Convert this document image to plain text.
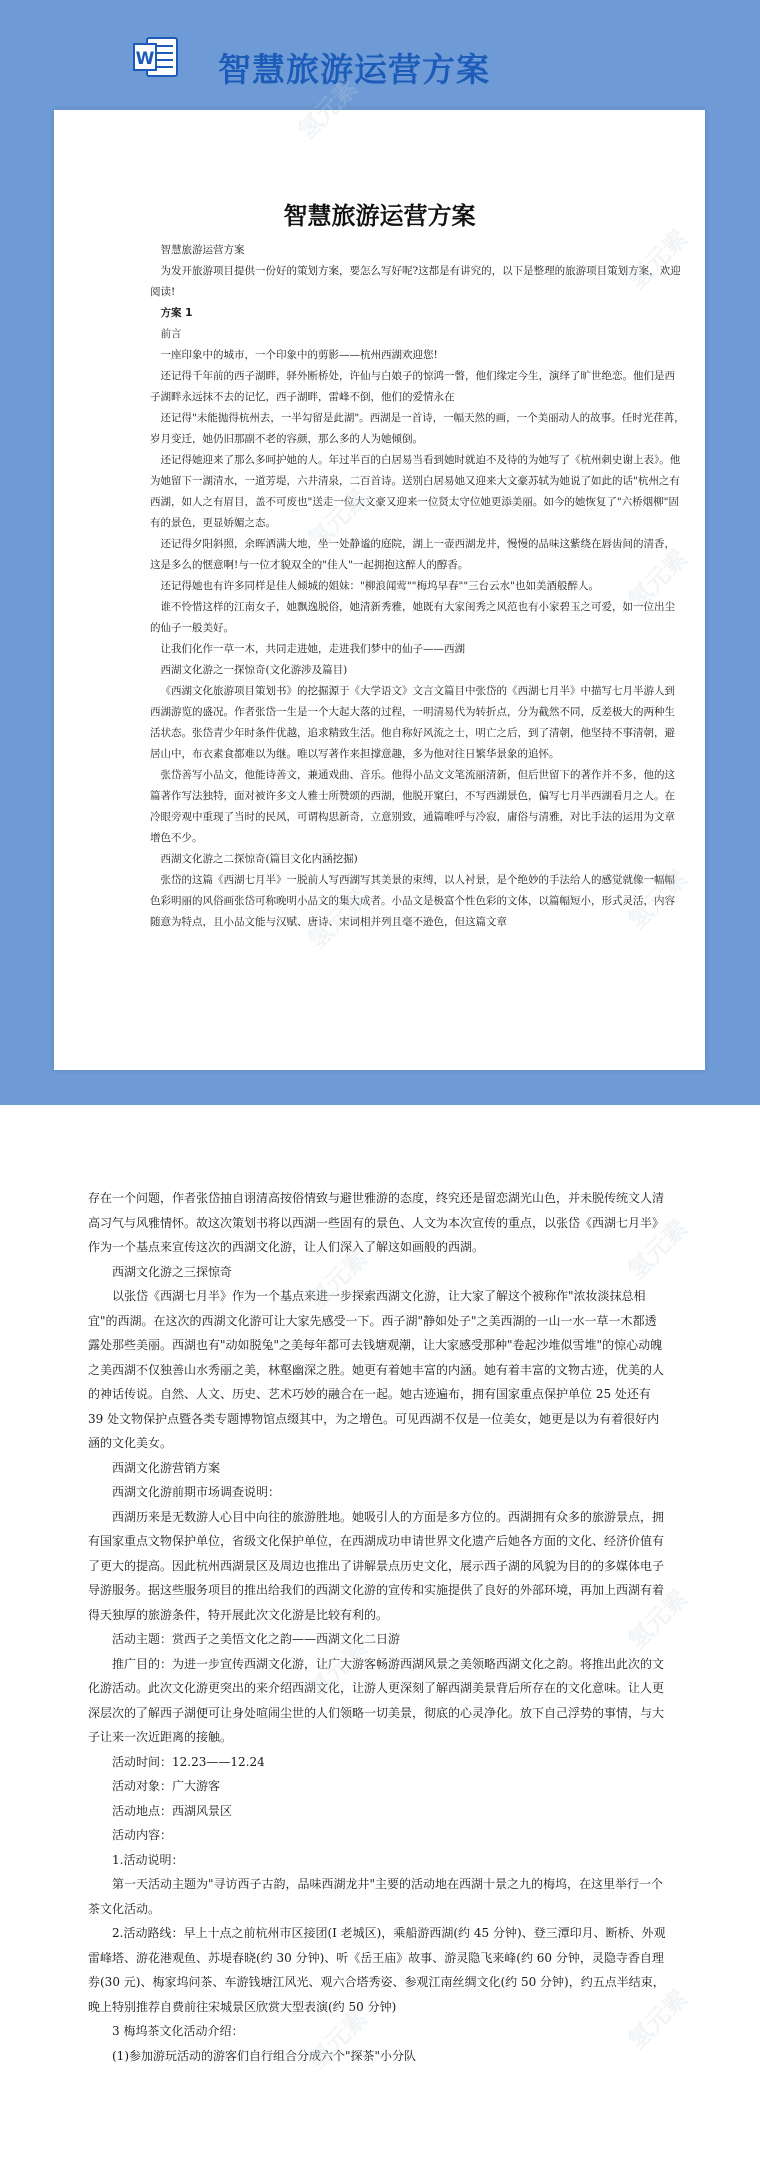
W 智慧旅游运营方案
智慧旅游运营方案

智慧旅游运营方案

为发开旅游项目提供一份好的策划方案，要怎么写好呢?这都是有讲究的，以下是整理的旅游项目策划方案，欢迎阅读!

方案 1

前言

一座印象中的城市，一个印象中的剪影——杭州西湖欢迎您!

还记得千年前的西子湖畔，驿外断桥处，许仙与白娘子的惊鸿一瞥，他们缘定今生，演绎了旷世绝恋。他们是西子湖畔永远抹不去的记忆，西子湖畔，雷峰不倒，他们的爱情永在

还记得"未能抛得杭州去，一半勾留是此湖"。西湖是一首诗，一幅天然的画，一个美丽动人的故事。任时光荏苒，岁月变迁，她仍旧那副不老的容颜，那么多的人为她倾倒。

还记得她迎来了那么多呵护她的人。年过半百的白居易当看到她时就迫不及待的为她写了《杭州刺史谢上表》。他为她留下一湖清水，一道芳堤，六井清泉，二百首诗。送别白居易她又迎来大文豪苏轼为她说了如此的话"杭州之有西湖，如人之有眉目，盖不可废也"送走一位大文豪又迎来一位贤太守位她更添美丽。如今的她恢复了"六桥烟柳"固有的景色，更显娇媚之态。

还记得夕阳斜照，余晖洒满大地，坐一处静谧的庭院，湖上一壶西湖龙井，慢慢的品味这紫绕在唇齿间的清香，这是多么的惬意啊!与一位才貌双全的"佳人"一起拥抱这醉人的醇香。

还记得她也有许多同样是佳人倾城的姐妹："柳浪闻莺""梅坞早春""三台云水"也如美酒般醉人。

谁不怜惜这样的江南女子，她飘逸脱俗，她清新秀雅，她既有大家闺秀之风范也有小家碧玉之可爱，如一位出尘的仙子一般美好。

让我们化作一草一木，共同走进她，走进我们梦中的仙子——西湖

西湖文化游之一探惊奇(文化游涉及篇目)

《西湖文化旅游项目策划书》的挖掘源于《大学语文》文言文篇目中张岱的《西湖七月半》中描写七月半游人到西湖游览的盛况。作者张岱一生是一个大起大落的过程，一明清易代为转折点，分为截然不同，反差极大的两种生活状态。张岱青少年时条件优越，追求精致生活。他自称好风流之士，明亡之后，到了清朝，他坚持不事清朝，避居山中，布衣素食都难以为继。唯以写著作来担撑意趣，多为他对往日繁华景象的追怀。

张岱善写小品文，他能诗善文，兼通戏曲、音乐。他得小品文文笔流丽清新，但后世留下的著作并不多，他的这篇著作写法独特，面对被许多文人雅士所赞颂的西湖，他脱开窠臼，不写西湖景色，偏写七月半西湖看月之人。在冷眼旁观中重现了当时的民风，可谓构思新奇，立意别致，通篇唯呼与冷寂，庸俗与清雅，对比手法的运用为文章增色不少。

西湖文化游之二探惊奇(篇目文化内涵挖掘)

张岱的这篇《西湖七月半》一脱前人写西湖写其美景的束缚，以人衬景，是个绝妙的手法给人的感觉就像一幅幅色彩明丽的风俗画张岱可称晚明小品文的集大成者。小品文是极富个性色彩的文体，以篇幅短小，形式灵活，内容随意为特点，且小品文能与汉赋、唐诗、宋词相并列且毫不逊色，但这篇文章

存在一个问题，作者张岱抽自诩清高按俗情致与避世雅游的态度，终究还是留恋湖光山色，并未脱传统文人清高习气与风雅情怀。故这次策划书将以西湖一些固有的景色、人文为本次宣传的重点，以张岱《西湖七月半》作为一个基点来宣传这次的西湖文化游，让人们深入了解这如画般的西湖。

西湖文化游之三探惊奇

以张岱《西湖七月半》作为一个基点来进一步探索西湖文化游，让大家了解这个被称作"浓妆淡抹总相宜"的西湖。在这次的西湖文化游可让大家先感受一下。西子湖"静如处子"之美西湖的一山一水一草一木都透露处那些美丽。西湖也有"动如脱兔"之美每年都可去钱塘观潮，让大家感受那种"卷起沙堆似雪堆"的惊心动魄之美西湖不仅独善山水秀丽之美，林壑幽深之胜。她更有着她丰富的内涵。她有着丰富的文物古迹，优美的人的神话传说。自然、人文、历史、艺术巧妙的融合在一起。她古迹遍布，拥有国家重点保护单位 25 处还有 39 处文物保护点暨各类专题博物馆点缀其中，为之增色。可见西湖不仅是一位美女，她更是以为有着很好内涵的文化美女。

西湖文化游营销方案

西湖文化游前期市场调查说明：

西湖历来是无数游人心目中向往的旅游胜地。她吸引人的方面是多方位的。西湖拥有众多的旅游景点，拥有国家重点文物保护单位，省级文化保护单位，在西湖成功申请世界文化遗产后她各方面的文化、经济价值有了更大的提高。因此杭州西湖景区及周边也推出了讲解景点历史文化，展示西子湖的风貌为目的的多媒体电子导游服务。据这些服务项目的推出给我们的西湖文化游的宣传和实施提供了良好的外部环境，再加上西湖有着得天独厚的旅游条件，特开展此次文化游是比较有利的。

活动主题：赏西子之美悟文化之韵——西湖文化二日游

推广目的：为进一步宣传西湖文化游，让广大游客畅游西湖风景之美领略西湖文化之韵。将推出此次的文化游活动。此次文化游更突出的来介绍西湖文化，让游人更深刻了解西湖美景背后所存在的文化意味。让人更深层次的了解西子湖便可让身处喧闹尘世的人们领略一切美景，彻底的心灵净化。放下自己浮势的事情，与大子让来一次近距离的接触。

活动时间：12.23——12.24

活动对象：广大游客

活动地点：西湖风景区

活动内容：

1.活动说明：

第一天活动主题为"寻访西子古韵，品味西湖龙井"主要的活动地在西湖十景之九的梅坞，在这里举行一个茶文化活动。

2.活动路线：早上十点之前杭州市区接团(I 老城区)，乘船游西湖(约 45 分钟)、登三潭印月、断桥、外观雷峰塔、游花港观鱼、苏堤春晓(约 30 分钟)、听《岳王庙》故事、游灵隐飞来峰(约 60 分钟，灵隐寺香自理券(30 元)、梅家坞问茶、车游钱塘江风光、观六合塔秀姿、参观江南丝绸文化(约 50 分钟)，约五点半结束，晚上特别推荐自费前往宋城景区欣赏大型表演(约 50 分钟)

3 梅坞茶文化活动介绍：

(1)参加游玩活动的游客们自行组合分成六个"探茶"小分队

氢元素
氢元素
氢元素
氢元素
氢元素	氢元素
氢元素	氢元素
氢元素
氢元素
氢元素	氢元素
